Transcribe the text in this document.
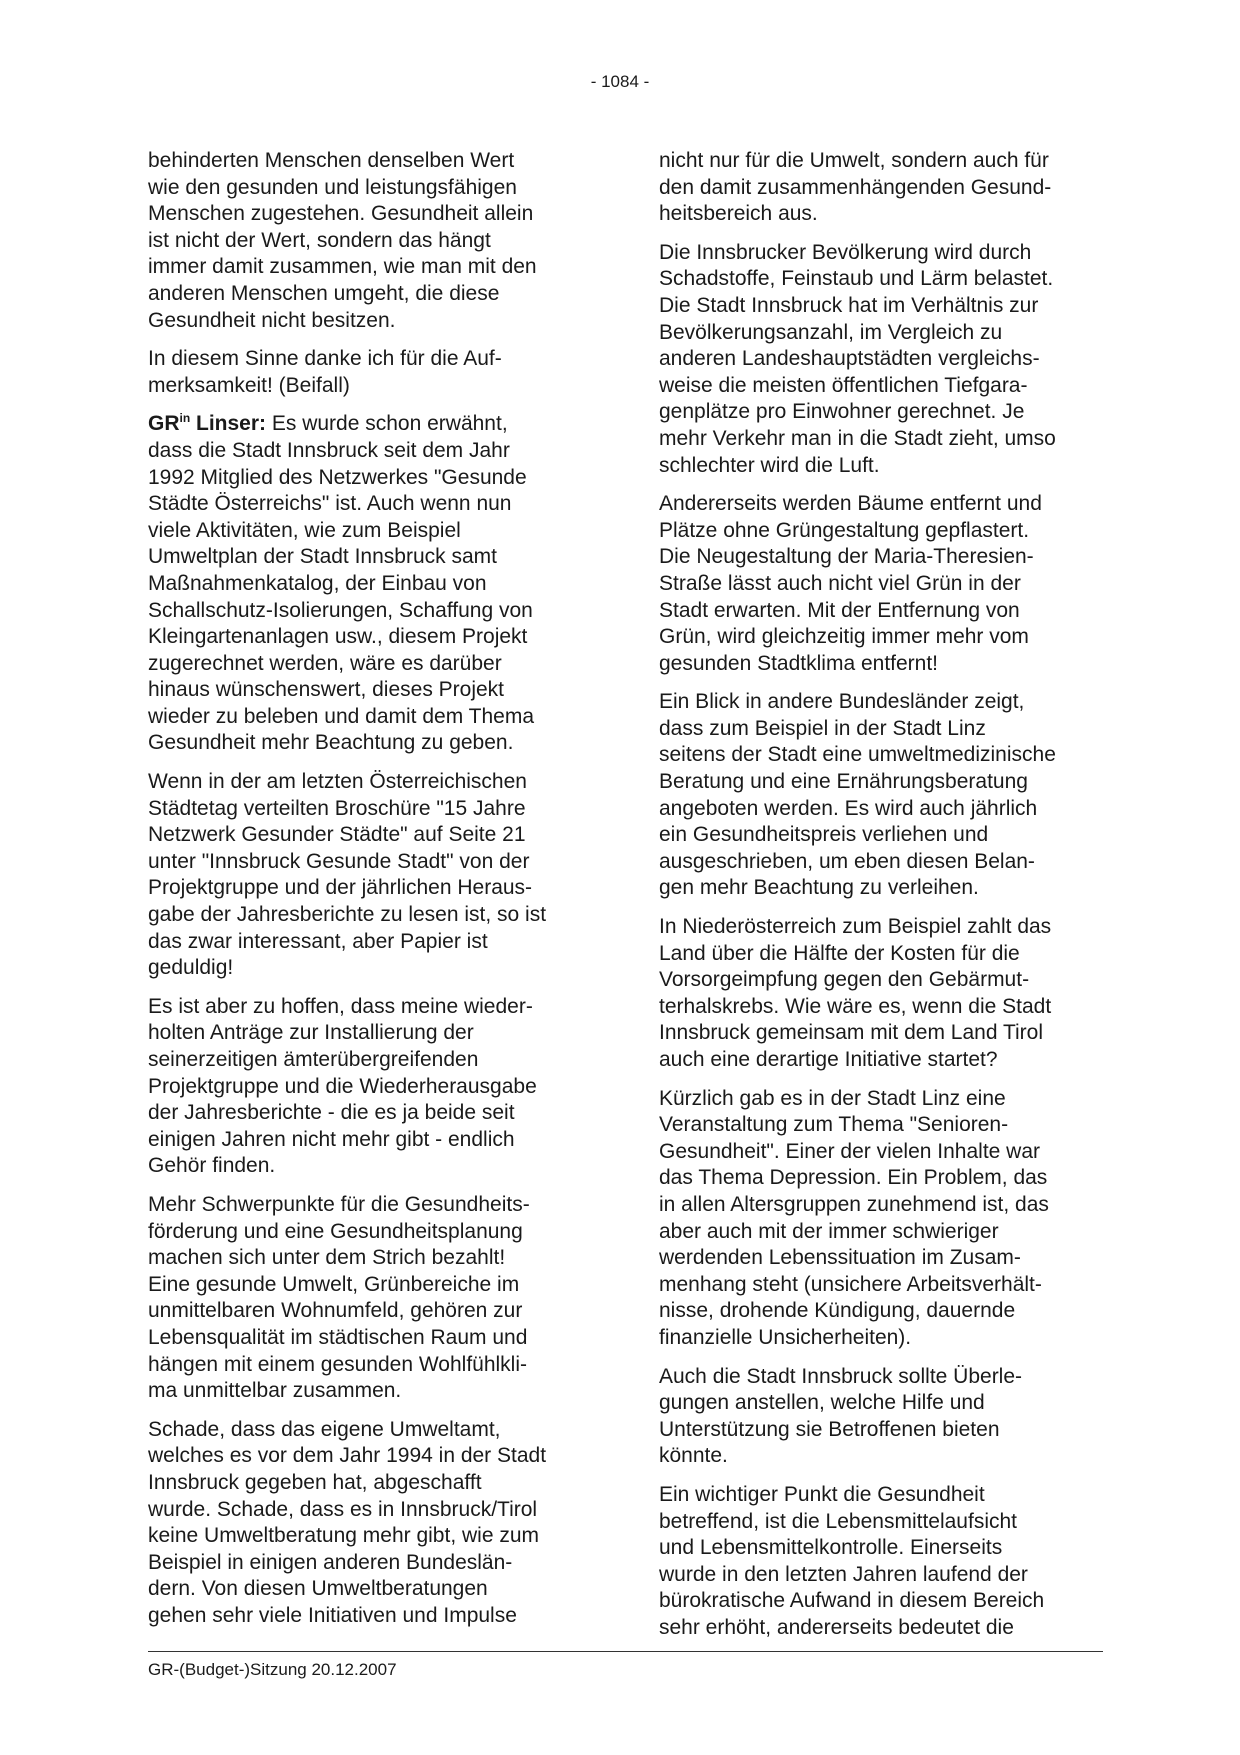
- 1084 -

behinderten Menschen denselben Wert
wie den gesunden und leistungsfähigen
Menschen zugestehen. Gesundheit allein
ist nicht der Wert, sondern das hängt
immer damit zusammen, wie man mit den
anderen Menschen umgeht, die diese
Gesundheit nicht besitzen.

In diesem Sinne danke ich für die Auf-
merksamkeit! (Beifall)

$GR^{in}$ Linser: Es wurde schon erwähnt,
dass die Stadt Innsbruck seit dem Jahr
1992 Mitglied des Netzwerkes "Gesunde
Städte Österreichs" ist. Auch wenn nun
viele Aktivitäten, wie zum Beispiel
Umweltplan der Stadt Innsbruck samt
Maßnahmenkatalog, der Einbau von
Schallschutz-Isolierungen, Schaffung von
Kleingartenanlagen usw., diesem Projekt
zugerechnet werden, wäre es darüber
hinaus wünschenswert, dieses Projekt
wieder zu beleben und damit dem Thema
Gesundheit mehr Beachtung zu geben.

Wenn in der am letzten Österreichischen
Städtetag verteilten Broschüre "15 Jahre
Netzwerk Gesunder Städte" auf Seite 21
unter "Innsbruck Gesunde Stadt" von der
Projektgruppe und der jährlichen Heraus-
gabe der Jahresberichte zu lesen ist, so ist
das zwar interessant, aber Papier ist
geduldig!

Es ist aber zu hoffen, dass meine wieder-
holten Anträge zur Installierung der
seinerzeitigen ämterübergreifenden
Projektgruppe und die Wiederherausgabe
der Jahresberichte - die es ja beide seit
einigen Jahren nicht mehr gibt - endlich
Gehör finden.

Mehr Schwerpunkte für die Gesundheits-
förderung und eine Gesundheitsplanung
machen sich unter dem Strich bezahlt!
Eine gesunde Umwelt, Grünbereiche im
unmittelbaren Wohnumfeld, gehören zur
Lebensqualität im städtischen Raum und
hängen mit einem gesunden Wohlfühlkli-
ma unmittelbar zusammen.

Schade, dass das eigene Umweltamt,
welches es vor dem Jahr 1994 in der Stadt
Innsbruck gegeben hat, abgeschafft
wurde. Schade, dass es in Innsbruck/Tirol
keine Umweltberatung mehr gibt, wie zum
Beispiel in einigen anderen Bundeslän-
dern. Von diesen Umweltberatungen
gehen sehr viele Initiativen und Impulse

nicht nur für die Umwelt, sondern auch für
den damit zusammenhängenden Gesund-
heitsbereich aus.

Die Innsbrucker Bevölkerung wird durch
Schadstoffe, Feinstaub und Lärm belastet.
Die Stadt Innsbruck hat im Verhältnis zur
Bevölkerungsanzahl, im Vergleich zu
anderen Landeshauptstädten vergleichs-
weise die meisten öffentlichen Tiefgara-
genplätze pro Einwohner gerechnet. Je
mehr Verkehr man in die Stadt zieht, umso
schlechter wird die Luft.

Andererseits werden Bäume entfernt und
Plätze ohne Grüngestaltung gepflastert.
Die Neugestaltung der Maria-Theresien-
Straße lässt auch nicht viel Grün in der
Stadt erwarten. Mit der Entfernung von
Grün, wird gleichzeitig immer mehr vom
gesunden Stadtklima entfernt!

Ein Blick in andere Bundesländer zeigt,
dass zum Beispiel in der Stadt Linz
seitens der Stadt eine umweltmedizinische
Beratung und eine Ernährungsberatung
angeboten werden. Es wird auch jährlich
ein Gesundheitspreis verliehen und
ausgeschrieben, um eben diesen Belan-
gen mehr Beachtung zu verleihen.

In Niederösterreich zum Beispiel zahlt das
Land über die Hälfte der Kosten für die
Vorsorgeimpfung gegen den Gebärmut-
terhalskrebs. Wie wäre es, wenn die Stadt
Innsbruck gemeinsam mit dem Land Tirol
auch eine derartige Initiative startet?

Kürzlich gab es in der Stadt Linz eine
Veranstaltung zum Thema "Senioren-
Gesundheit". Einer der vielen Inhalte war
das Thema Depression. Ein Problem, das
in allen Altersgruppen zunehmend ist, das
aber auch mit der immer schwieriger
werdenden Lebenssituation im Zusam-
menhang steht (unsichere Arbeitsverhält-
nisse, drohende Kündigung, dauernde
finanzielle Unsicherheiten).

Auch die Stadt Innsbruck sollte Überle-
gungen anstellen, welche Hilfe und
Unterstützung sie Betroffenen bieten
könnte.

Ein wichtiger Punkt die Gesundheit
betreffend, ist die Lebensmittelaufsicht
und Lebensmittelkontrolle. Einerseits
wurde in den letzten Jahren laufend der
bürokratische Aufwand in diesem Bereich
sehr erhöht, andererseits bedeutet die

GR-(Budget-)Sitzung 20.12.2007
